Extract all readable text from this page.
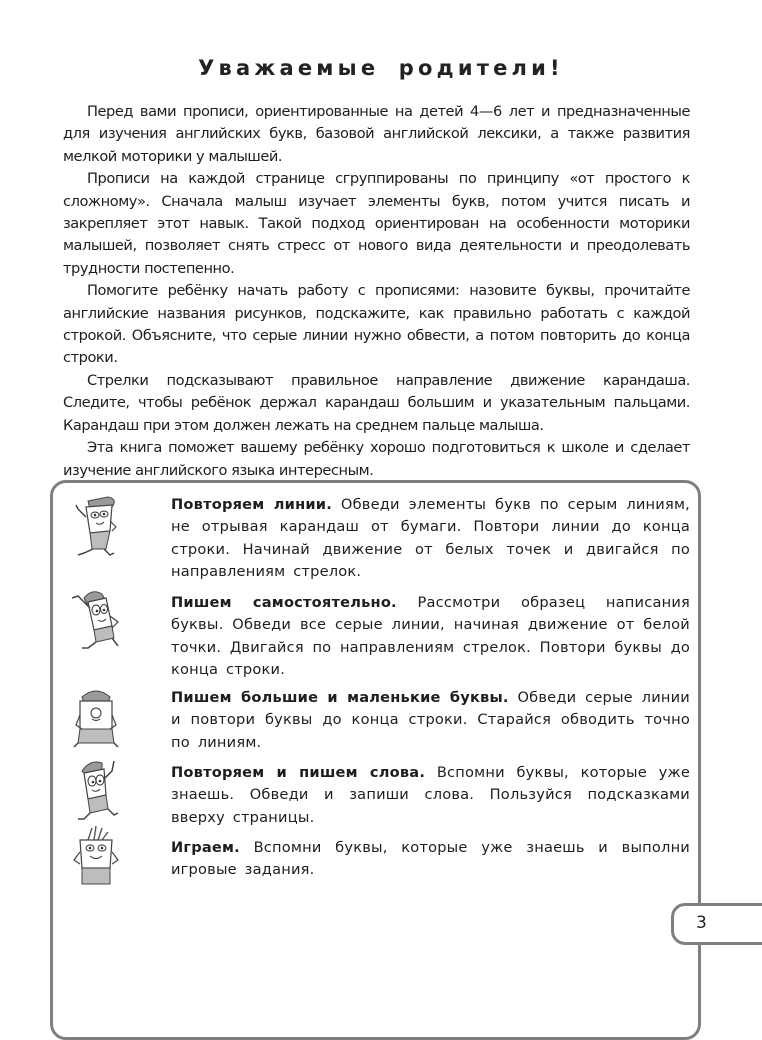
Уважаемые родители!

Перед вами прописи, ориентированные на детей 4—6 лет и предназначенные для изучения английских букв, базовой английской лексики, а также развития мелкой моторики у малышей.

Прописи на каждой странице сгруппированы по принципу «от простого к сложному». Сначала малыш изучает элементы букв, потом учится писать и закрепляет этот навык. Такой подход ориентирован на особенности моторики малышей, позволяет снять стресс от нового вида деятельности и преодолевать трудности постепенно.

Помогите ребёнку начать работу с прописями: назовите буквы, прочитайте английские названия рисунков, подскажите, как правильно работать с каждой строкой. Объясните, что серые линии нужно обвести, а потом повторить до конца строки.

Стрелки подсказывают правильное направление движение карандаша. Следите, чтобы ребёнок держал карандаш большим и указательным пальцами. Карандаш при этом должен лежать на среднем пальце малыша.

Эта книга поможет вашему ребёнку хорошо подготовиться к школе и сделает изучение английского языка интересным.

Повторяем линии. Обведи элементы букв по серым линиям, не отрывая карандаш от бумаги. Повтори линии до конца строки. Начинай движение от белых точек и двигайся по направлениям стрелок.
Пишем самостоятельно. Рассмотри образец написания буквы. Обведи все серые линии, начиная движение от белой точки. Двигайся по направлениям стрелок. Повтори буквы до конца строки.
Пишем большие и маленькие буквы. Обведи серые линии и повтори буквы до конца строки. Старайся обводить точно по линиям.
Повторяем и пишем слова. Вспомни буквы, которые уже знаешь. Обведи и запиши слова. Пользуйся подсказками вверху страницы.
Играем. Вспомни буквы, которые уже знаешь и выполни игровые задания.
3
